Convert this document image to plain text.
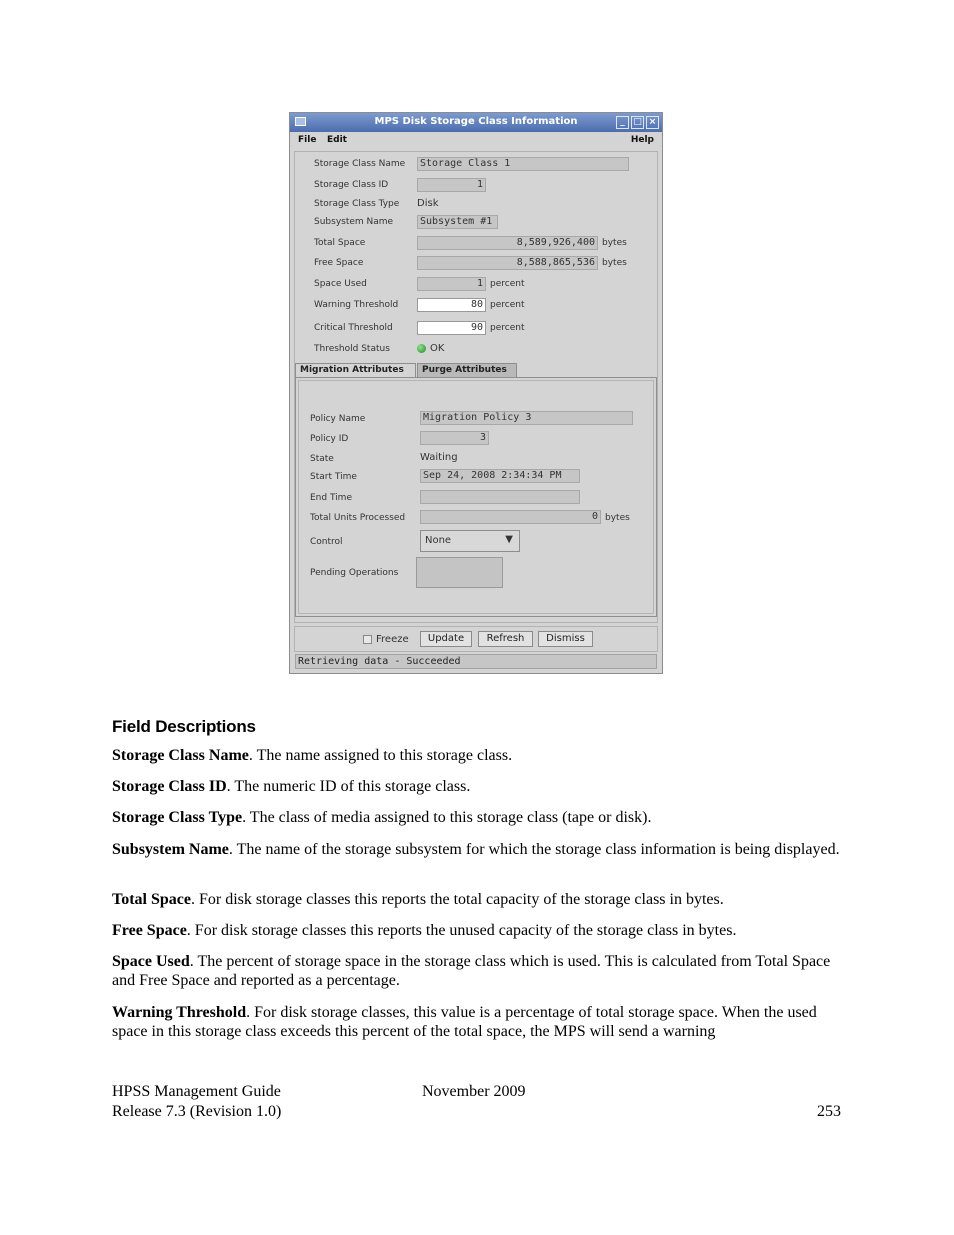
MPS Disk Storage Class Information	_ □ ×
File Edit	Help
Storage Class Name	Storage Class 1
Storage Class ID	1
Storage Class Type Disk
Subsystem Name	Subsystem #1
Total Space	8,589,926,400 bytes
Free Space	8,588,865,536 bytes
Space Used	1 percent
Warning Threshold	80 percent
Critical Threshold	90 percent
Threshold Status	OK
Migration Attributes	Purge Attributes
Policy Name	Migration Policy 3
Policy ID	3
State	Waiting
Start Time	Sep 24, 2008 2:34:34 PM
End Time
Total Units Processed	0 bytes
Control	None	▼
Pending Operations
Freeze	Update	Refresh	Dismiss
Retrieving data - Succeeded
Field Descriptions
Storage Class Name. The name assigned to this storage class.
Storage Class ID. The numeric ID of this storage class.
Storage Class Type. The class of media assigned to this storage class (tape or disk).
Subsystem Name. The name of the storage subsystem for which the storage class information is being displayed.
Total Space. For disk storage classes this reports the total capacity of the storage class in bytes.
Free Space. For disk storage classes this reports the unused capacity of the storage class in bytes.
Space Used. The percent of storage space in the storage class which is used. This is calculated from Total Space and Free Space and reported as a percentage.
Warning Threshold. For disk storage classes, this value is a percentage of total storage space. When the used space in this storage class exceeds this percent of the total space, the MPS will send a warning
HPSS Management Guide
Release 7.3 (Revision 1.0)
November 2009
253
